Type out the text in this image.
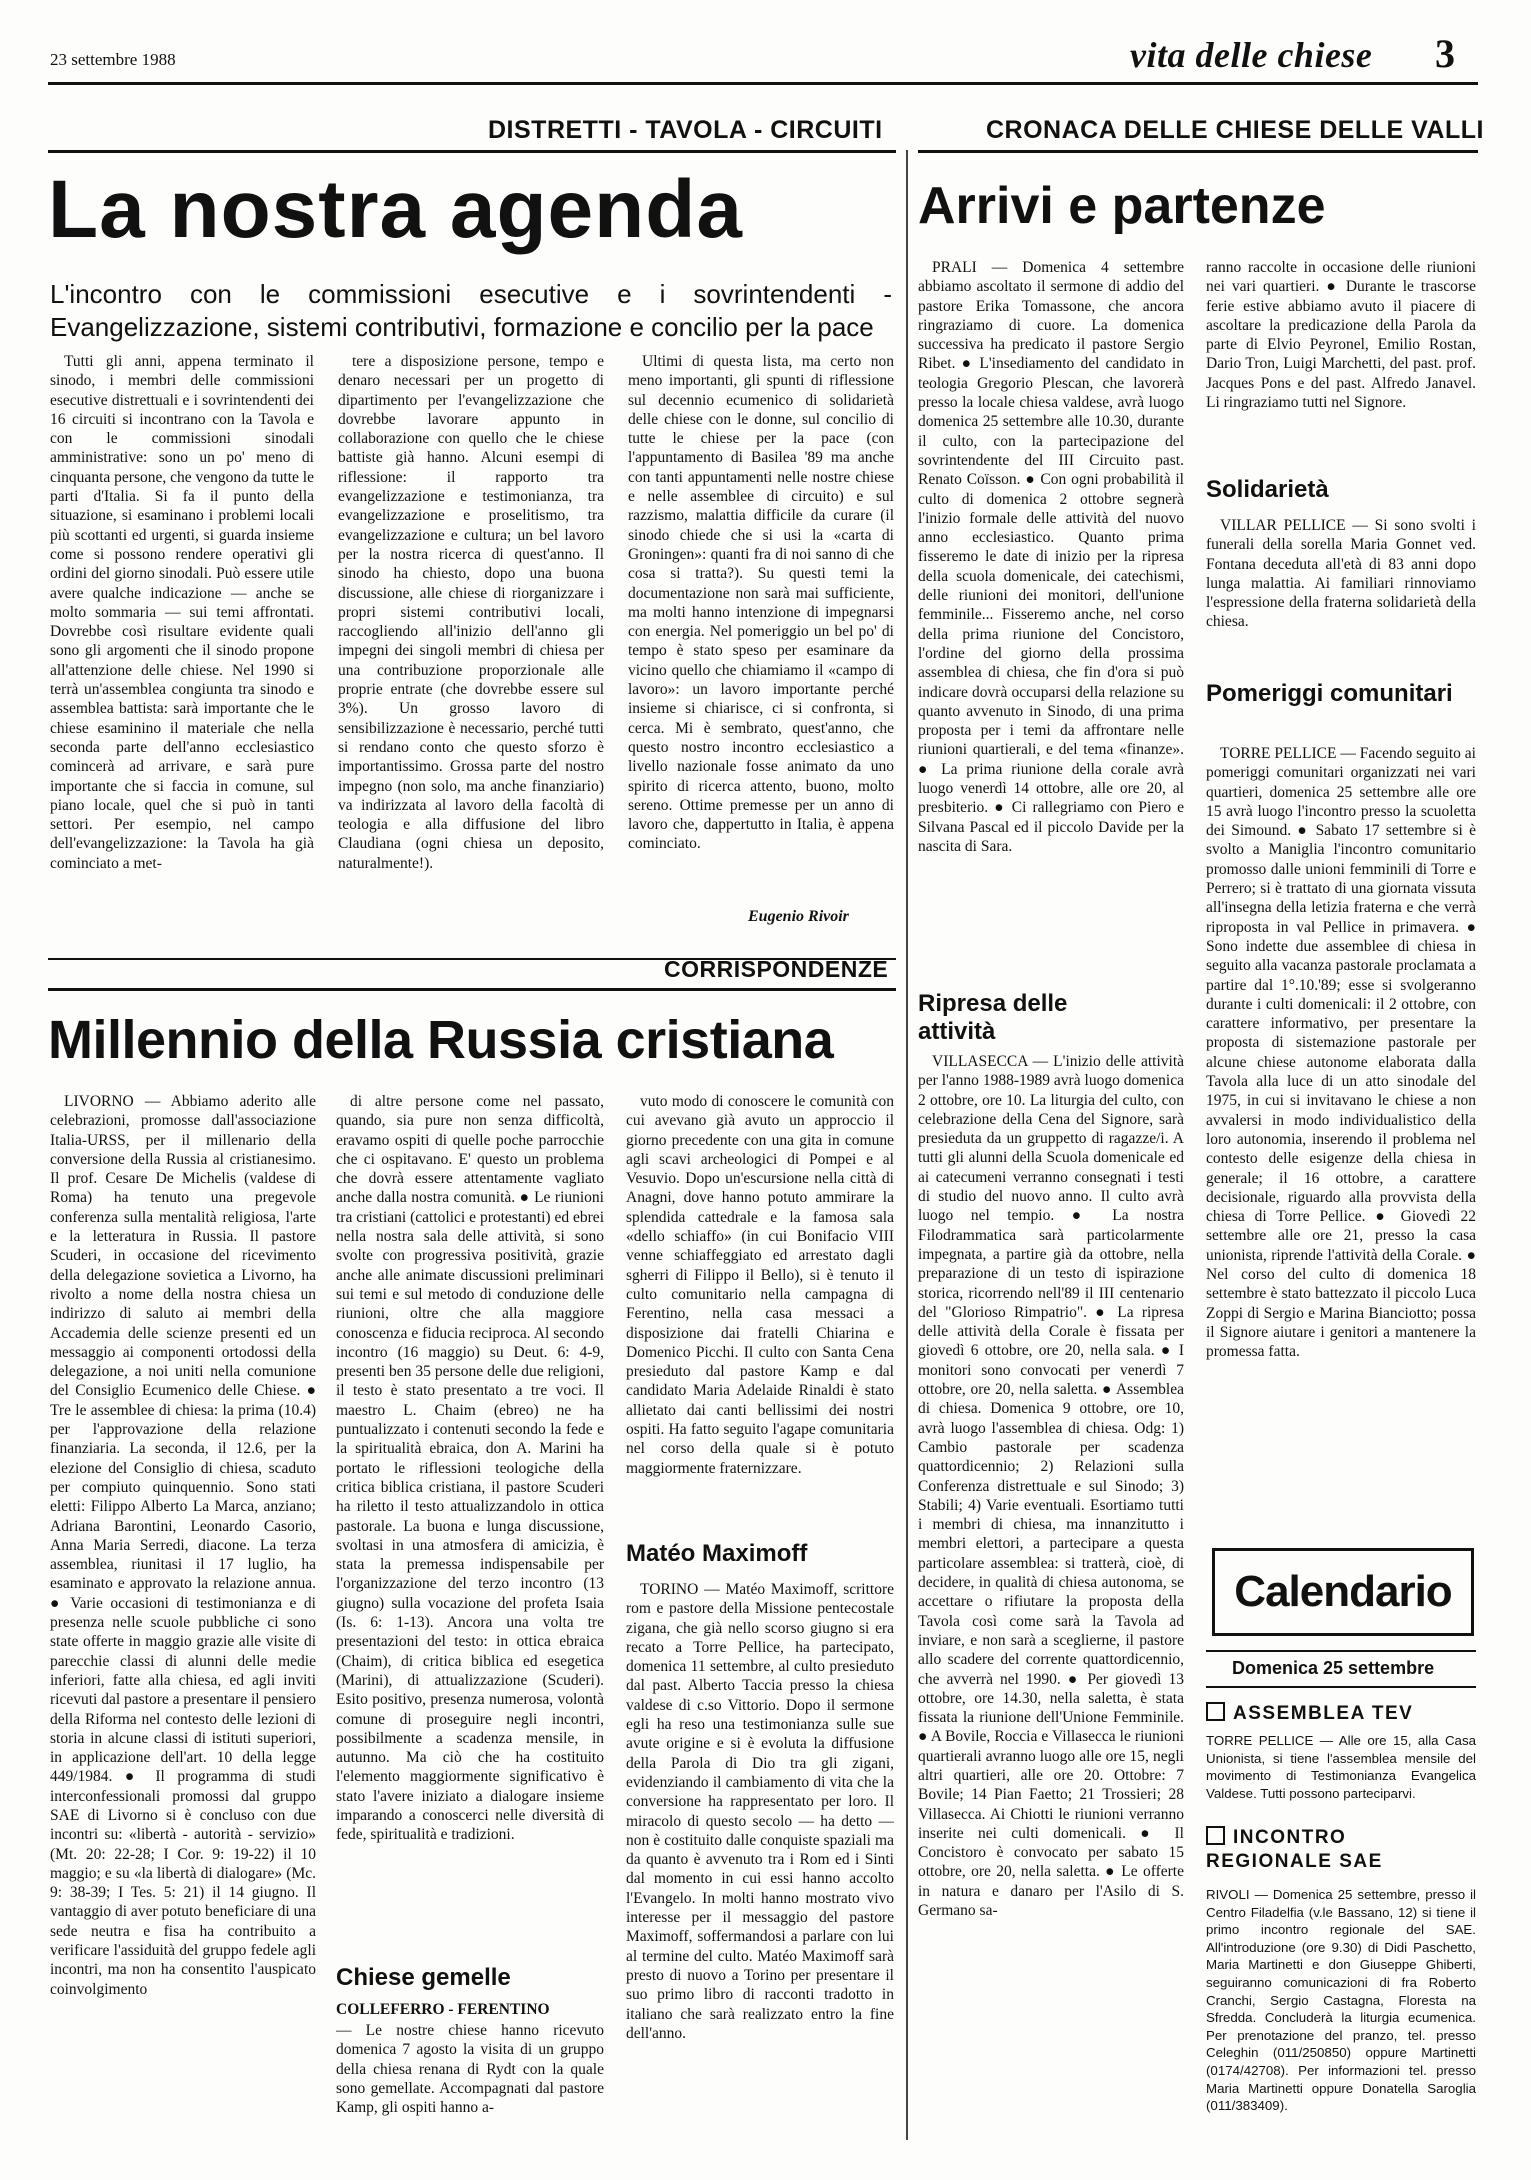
23 settembre 1988	vita delle chiese 3
DISTRETTI - TAVOLA - CIRCUITI	CRONACA DELLE CHIESE DELLE VALLI
La nostra agenda
L'incontro con le commissioni esecutive e i sovrintendenti - Evangelizzazione, sistemi contributivi, formazione e concilio per la pace

Tutti gli anni, appena terminato il sinodo, i membri delle commissioni esecutive distrettuali e i sovrintendenti dei 16 circuiti si incontrano con la Tavola e con le commissioni sinodali amministrative: sono un po' meno di cinquanta persone, che vengono da tutte le parti d'Italia. Si fa il punto della situazione, si esaminano i problemi locali più scottanti ed urgenti, si guarda insieme come si possono rendere operativi gli ordini del giorno sinodali. Può essere utile avere qualche indicazione — anche se molto sommaria — sui temi affrontati. Dovrebbe così risultare evidente quali sono gli argomenti che il sinodo propone all'attenzione delle chiese. Nel 1990 si terrà un'assemblea congiunta tra sinodo e assemblea battista: sarà importante che le chiese esaminino il materiale che nella seconda parte dell'anno ecclesiastico comincerà ad arrivare, e sarà pure importante che si faccia in comune, sul piano locale, quel che si può in tanti settori. Per esempio, nel campo dell'evangelizzazione: la Tavola ha già cominciato a met-

tere a disposizione persone, tempo e denaro necessari per un progetto di dipartimento per l'evangelizzazione che dovrebbe lavorare appunto in collaborazione con quello che le chiese battiste già hanno. Alcuni esempi di riflessione: il rapporto tra evangelizzazione e testimonianza, tra evangelizzazione e proselitismo, tra evangelizzazione e cultura; un bel lavoro per la nostra ricerca di quest'anno. Il sinodo ha chiesto, dopo una buona discussione, alle chiese di riorganizzare i propri sistemi contributivi locali, raccogliendo all'inizio dell'anno gli impegni dei singoli membri di chiesa per una contribuzione proporzionale alle proprie entrate (che dovrebbe essere sul 3%). Un grosso lavoro di sensibilizzazione è necessario, perché tutti si rendano conto che questo sforzo è importantissimo. Grossa parte del nostro impegno (non solo, ma anche finanziario) va indirizzata al lavoro della facoltà di teologia e alla diffusione del libro Claudiana (ogni chiesa un deposito, naturalmente!).

Ultimi di questa lista, ma certo non meno importanti, gli spunti di riflessione sul decennio ecumenico di solidarietà delle chiese con le donne, sul concilio di tutte le chiese per la pace (con l'appuntamento di Basilea '89 ma anche con tanti appuntamenti nelle nostre chiese e nelle assemblee di circuito) e sul razzismo, malattia difficile da curare (il sinodo chiede che si usi la «carta di Groningen»: quanti fra di noi sanno di che cosa si tratta?). Su questi temi la documentazione non sarà mai sufficiente, ma molti hanno intenzione di impegnarsi con energia. Nel pomeriggio un bel po' di tempo è stato speso per esaminare da vicino quello che chiamiamo il «campo di lavoro»: un lavoro importante perché insieme si chiarisce, ci si confronta, si cerca. Mi è sembrato, quest'anno, che questo nostro incontro ecclesiastico a livello nazionale fosse animato da uno spirito di ricerca attento, buono, molto sereno. Ottime premesse per un anno di lavoro che, dappertutto in Italia, è appena cominciato.

Eugenio Rivoir
CORRISPONDENZE
Millennio della Russia cristiana

LIVORNO — Abbiamo aderito alle celebrazioni, promosse dall'associazione Italia-URSS, per il millenario della conversione della Russia al cristianesimo. Il prof. Cesare De Michelis (valdese di Roma) ha tenuto una pregevole conferenza sulla mentalità religiosa, l'arte e la letteratura in Russia. Il pastore Scuderi, in occasione del ricevimento della delegazione sovietica a Livorno, ha rivolto a nome della nostra chiesa un indirizzo di saluto ai membri della Accademia delle scienze presenti ed un messaggio ai componenti ortodossi della delegazione, a noi uniti nella comunione del Consiglio Ecumenico delle Chiese. ● Tre le assemblee di chiesa: la prima (10.4) per l'approvazione della relazione finanziaria. La seconda, il 12.6, per la elezione del Consiglio di chiesa, scaduto per compiuto quinquennio. Sono stati eletti: Filippo Alberto La Marca, anziano; Adriana Barontini, Leonardo Casorio, Anna Maria Serredi, diacone. La terza assemblea, riunitasi il 17 luglio, ha esaminato e approvato la relazione annua. ● Varie occasioni di testimonianza e di presenza nelle scuole pubbliche ci sono state offerte in maggio grazie alle visite di parecchie classi di alunni delle medie inferiori, fatte alla chiesa, ed agli inviti ricevuti dal pastore a presentare il pensiero della Riforma nel contesto delle lezioni di storia in alcune classi di istituti superiori, in applicazione dell'art. 10 della legge 449/1984. ● Il programma di studi interconfessionali promossi dal gruppo SAE di Livorno si è concluso con due incontri su: «libertà - autorità - servizio» (Mt. 20: 22-28; I Cor. 9: 19-22) il 10 maggio; e su «la libertà di dialogare» (Mc. 9: 38-39; I Tes. 5: 21) il 14 giugno. Il vantaggio di aver potuto beneficiare di una sede neutra e fisa ha contribuito a verificare l'assiduità del gruppo fedele agli incontri, ma non ha consentito l'auspicato coinvolgimento

di altre persone come nel passato, quando, sia pure non senza difficoltà, eravamo ospiti di quelle poche parrocchie che ci ospitavano. E' questo un problema che dovrà essere attentamente vagliato anche dalla nostra comunità. ● Le riunioni tra cristiani (cattolici e protestanti) ed ebrei nella nostra sala delle attività, si sono svolte con progressiva positività, grazie anche alle animate discussioni preliminari sui temi e sul metodo di conduzione delle riunioni, oltre che alla maggiore conoscenza e fiducia reciproca. Al secondo incontro (16 maggio) su Deut. 6: 4-9, presenti ben 35 persone delle due religioni, il testo è stato presentato a tre voci. Il maestro L. Chaim (ebreo) ne ha puntualizzato i contenuti secondo la fede e la spiritualità ebraica, don A. Marini ha portato le riflessioni teologiche della critica biblica cristiana, il pastore Scuderi ha riletto il testo attualizzandolo in ottica pastorale. La buona e lunga discussione, svoltasi in una atmosfera di amicizia, è stata la premessa indispensabile per l'organizzazione del terzo incontro (13 giugno) sulla vocazione del profeta Isaia (Is. 6: 1-13). Ancora una volta tre presentazioni del testo: in ottica ebraica (Chaim), di critica biblica ed esegetica (Marini), di attualizzazione (Scuderi). Esito positivo, presenza numerosa, volontà comune di proseguire negli incontri, possibilmente a scadenza mensile, in autunno. Ma ciò che ha costituito l'elemento maggiormente significativo è stato l'avere iniziato a dialogare insieme imparando a conoscerci nelle diversità di fede, spiritualità e tradizioni.

vuto modo di conoscere le comunità con cui avevano già avuto un approccio il giorno precedente con una gita in comune agli scavi archeologici di Pompei e al Vesuvio. Dopo un'escursione nella città di Anagni, dove hanno potuto ammirare la splendida cattedrale e la famosa sala «dello schiaffo» (in cui Bonifacio VIII venne schiaffeggiato ed arrestato dagli sgherri di Filippo il Bello), si è tenuto il culto comunitario nella campagna di Ferentino, nella casa messaci a disposizione dai fratelli Chiarina e Domenico Picchi. Il culto con Santa Cena presieduto dal pastore Kamp e dal candidato Maria Adelaide Rinaldi è stato allietato dai canti bellissimi dei nostri ospiti. Ha fatto seguito l'agape comunitaria nel corso della quale si è potuto maggiormente fraternizzare.

Chiese gemelle
COLLEFERRO - FERENTINO

— Le nostre chiese hanno ricevuto domenica 7 agosto la visita di un gruppo della chiesa renana di Rydt con la quale sono gemellate. Accompagnati dal pastore Kamp, gli ospiti hanno a-

Matéo Maximoff

TORINO — Matéo Maximoff, scrittore rom e pastore della Missione pentecostale zigana, che già nello scorso giugno si era recato a Torre Pellice, ha partecipato, domenica 11 settembre, al culto presieduto dal past. Alberto Taccia presso la chiesa valdese di c.so Vittorio. Dopo il sermone egli ha reso una testimonianza sulle sue avute origine e si è evoluta la diffusione della Parola di Dio tra gli zigani, evidenziando il cambiamento di vita che la conversione ha rappresentato per loro. Il miracolo di questo secolo — ha detto — non è costituito dalle conquiste spaziali ma da quanto è avvenuto tra i Rom ed i Sinti dal momento in cui essi hanno accolto l'Evangelo. In molti hanno mostrato vivo interesse per il messaggio del pastore Maximoff, soffermandosi a parlare con lui al termine del culto. Matéo Maximoff sarà presto di nuovo a Torino per presentare il suo primo libro di racconti tradotto in italiano che sarà realizzato entro la fine dell'anno.

Arrivi e partenze

PRALI — Domenica 4 settembre abbiamo ascoltato il sermone di addio del pastore Erika Tomassone, che ancora ringraziamo di cuore. La domenica successiva ha predicato il pastore Sergio Ribet. ● L'insediamento del candidato in teologia Gregorio Plescan, che lavorerà presso la locale chiesa valdese, avrà luogo domenica 25 settembre alle 10.30, durante il culto, con la partecipazione del sovrintendente del III Circuito past. Renato Coïsson. ● Con ogni probabilità il culto di domenica 2 ottobre segnerà l'inizio formale delle attività del nuovo anno ecclesiastico. Quanto prima fisseremo le date di inizio per la ripresa della scuola domenicale, dei catechismi, delle riunioni dei monitori, dell'unione femminile... Fisseremo anche, nel corso della prima riunione del Concistoro, l'ordine del giorno della prossima assemblea di chiesa, che fin d'ora si può indicare dovrà occuparsi della relazione su quanto avvenuto in Sinodo, di una prima proposta per i temi da affrontare nelle riunioni quartierali, e del tema «finanze». ● La prima riunione della corale avrà luogo venerdì 14 ottobre, alle ore 20, al presbiterio. ● Ci rallegriamo con Piero e Silvana Pascal ed il piccolo Davide per la nascita di Sara.

ranno raccolte in occasione delle riunioni nei vari quartieri. ● Durante le trascorse ferie estive abbiamo avuto il piacere di ascoltare la predicazione della Parola da parte di Elvio Peyronel, Emilio Rostan, Dario Tron, Luigi Marchetti, del past. prof. Jacques Pons e del past. Alfredo Janavel. Li ringraziamo tutti nel Signore.

Solidarietà

VILLAR PELLICE — Si sono svolti i funerali della sorella Maria Gonnet ved. Fontana deceduta all'età di 83 anni dopo lunga malattia. Ai familiari rinnoviamo l'espressione della fraterna solidarietà della chiesa.

Pomeriggi comunitari

TORRE PELLICE — Facendo seguito ai pomeriggi comunitari organizzati nei vari quartieri, domenica 25 settembre alle ore 15 avrà luogo l'incontro presso la scuoletta dei Simound. ● Sabato 17 settembre si è svolto a Maniglia l'incontro comunitario promosso dalle unioni femminili di Torre e Perrero; si è trattato di una giornata vissuta all'insegna della letizia fraterna e che verrà riproposta in val Pellice in primavera. ● Sono indette due assemblee di chiesa in seguito alla vacanza pastorale proclamata a partire dal 1°.10.'89; esse si svolgeranno durante i culti domenicali: il 2 ottobre, con carattere informativo, per presentare la proposta di sistemazione pastorale per alcune chiese autonome elaborata dalla Tavola alla luce di un atto sinodale del 1975, in cui si invitavano le chiese a non avvalersi in modo individualistico della loro autonomia, inserendo il problema nel contesto delle esigenze della chiesa in generale; il 16 ottobre, a carattere decisionale, riguardo alla provvista della chiesa di Torre Pellice. ● Giovedì 22 settembre alle ore 21, presso la casa unionista, riprende l'attività della Corale. ● Nel corso del culto di domenica 18 settembre è stato battezzato il piccolo Luca Zoppi di Sergio e Marina Bianciotto; possa il Signore aiutare i genitori a mantenere la promessa fatta.

Ripresa delle attività

VILLASECCA — L'inizio delle attività per l'anno 1988-1989 avrà luogo domenica 2 ottobre, ore 10. La liturgia del culto, con celebrazione della Cena del Signore, sarà presieduta da un gruppetto di ragazze/i. A tutti gli alunni della Scuola domenicale ed ai catecumeni verranno consegnati i testi di studio del nuovo anno. Il culto avrà luogo nel tempio. ● La nostra Filodrammatica sarà particolarmente impegnata, a partire già da ottobre, nella preparazione di un testo di ispirazione storica, ricorrendo nell'89 il III centenario del "Glorioso Rimpatrio". ● La ripresa delle attività della Corale è fissata per giovedì 6 ottobre, ore 20, nella sala. ● I monitori sono convocati per venerdì 7 ottobre, ore 20, nella saletta. ● Assemblea di chiesa. Domenica 9 ottobre, ore 10, avrà luogo l'assemblea di chiesa. Odg: 1) Cambio pastorale per scadenza quattordicennio; 2) Relazioni sulla Conferenza distrettuale e sul Sinodo; 3) Stabili; 4) Varie eventuali. Esortiamo tutti i membri di chiesa, ma innanzitutto i membri elettori, a partecipare a questa particolare assemblea: si tratterà, cioè, di decidere, in qualità di chiesa autonoma, se accettare o rifiutare la proposta della Tavola così come sarà la Tavola ad inviare, e non sarà a sceglierne, il pastore allo scadere del corrente quattordicennio, che avverrà nel 1990. ● Per giovedì 13 ottobre, ore 14.30, nella saletta, è stata fissata la riunione dell'Unione Femminile. ● A Bovile, Roccia e Villasecca le riunioni quartierali avranno luogo alle ore 15, negli altri quartieri, alle ore 20. Ottobre: 7 Bovile; 14 Pian Faetto; 21 Trossieri; 28 Villasecca. Ai Chiotti le riunioni verranno inserite nei culti domenicali. ● Il Concistoro è convocato per sabato 15 ottobre, ore 20, nella saletta. ● Le offerte in natura e danaro per l'Asilo di S. Germano sa-

Calendario
Domenica 25 settembre
ASSEMBLEA TEV

TORRE PELLICE — Alle ore 15, alla Casa Unionista, si tiene l'assemblea mensile del movimento di Testimonianza Evangelica Valdese. Tutti possono parteciparvi.

INCONTRO REGIONALE SAE

RIVOLI — Domenica 25 settembre, presso il Centro Filadelfia (v.le Bassano, 12) si tiene il primo incontro regionale del SAE. All'introduzione (ore 9.30) di Didi Paschetto, Maria Martinetti e don Giuseppe Ghiberti, seguiranno comunicazioni di fra Roberto Cranchi, Sergio Castagna, Floresta na Sfredda. Concluderà la liturgia ecumenica. Per prenotazione del pranzo, tel. presso Celeghin (011/250850) oppure Martinetti (0174/42708). Per informazioni tel. presso Maria Martinetti oppure Donatella Saroglia (011/383409).
